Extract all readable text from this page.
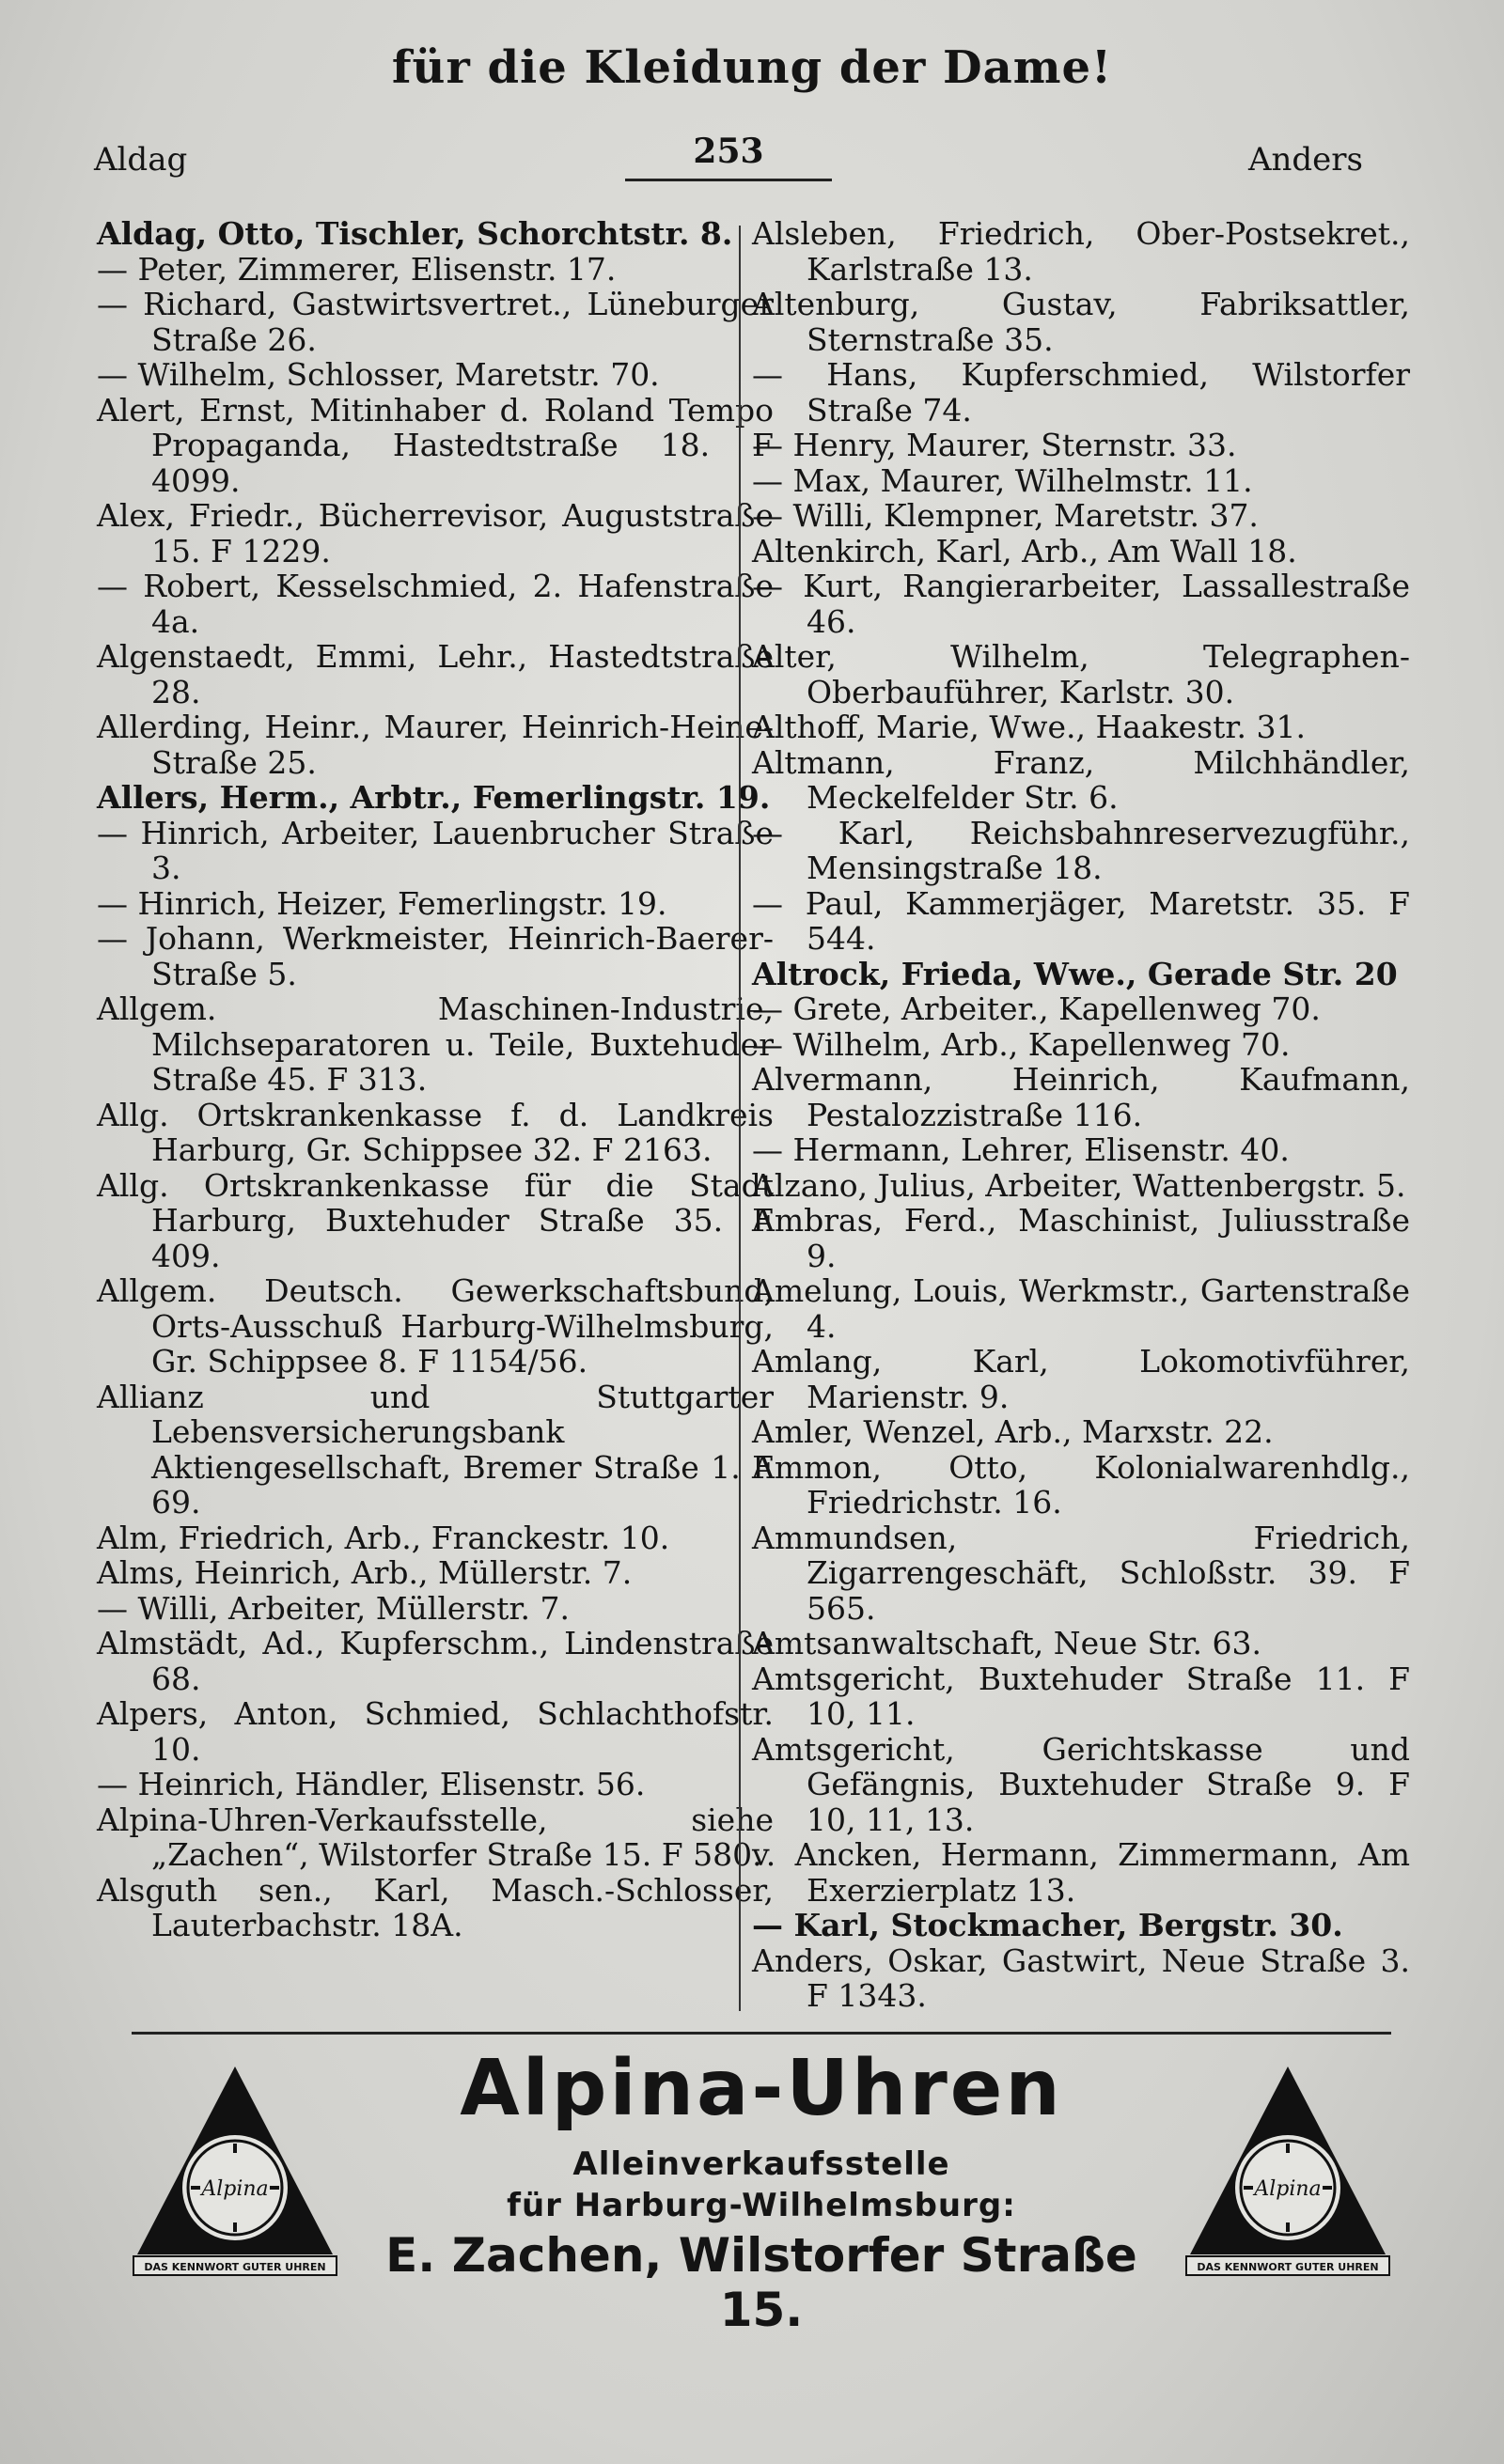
für die Kleidung der Dame!
Aldag	253	Anders

Aldag, Otto, Tischler, Schorchtstr. 8.

— Peter, Zimmerer, Elisenstr. 17.

— Richard, Gastwirtsvertret., Lüneburger Straße 26.

— Wilhelm, Schlosser, Maretstr. 70.

Alert, Ernst, Mitinhaber d. Roland Tempo Propaganda, Hastedtstraße 18. F 4099.

Alex, Friedr., Bücherrevisor, Auguststraße 15. F 1229.

— Robert, Kesselschmied, 2. Hafenstraße 4a.

Algenstaedt, Emmi, Lehr., Hastedtstraße 28.

Allerding, Heinr., Maurer, Heinrich-Heine-Straße 25.

Allers, Herm., Arbtr., Femerlingstr. 19.

— Hinrich, Arbeiter, Lauenbrucher Straße 3.

— Hinrich, Heizer, Femerlingstr. 19.

— Johann, Werkmeister, Heinrich-Baerer-Straße 5.

Allgem. Maschinen-Industrie, Milchseparatoren u. Teile, Buxtehuder Straße 45. F 313.

Allg. Ortskrankenkasse f. d. Landkreis Harburg, Gr. Schippsee 32. F 2163.

Allg. Ortskrankenkasse für die Stadt Harburg, Buxtehuder Straße 35. F 409.

Allgem. Deutsch. Gewerkschaftsbund, Orts-Ausschuß Harburg-Wilhelmsburg, Gr. Schippsee 8. F 1154/56.

Allianz und Stuttgarter Lebensversicherungsbank Aktiengesellschaft, Bremer Straße 1. F 69.

Alm, Friedrich, Arb., Franckestr. 10.

Alms, Heinrich, Arb., Müllerstr. 7.

— Willi, Arbeiter, Müllerstr. 7.

Almstädt, Ad., Kupferschm., Lindenstraße 68.

Alpers, Anton, Schmied, Schlachthofstr. 10.

— Heinrich, Händler, Elisenstr. 56.

Alpina-Uhren-Verkaufsstelle, siehe „Zachen“, Wilstorfer Straße 15. F 580.

Alsguth sen., Karl, Masch.-Schlosser, Lauterbachstr. 18A.

Alsleben, Friedrich, Ober-Postsekret., Karlstraße 13.

Altenburg, Gustav, Fabriksattler, Sternstraße 35.

— Hans, Kupferschmied, Wilstorfer Straße 74.

— Henry, Maurer, Sternstr. 33.

— Max, Maurer, Wilhelmstr. 11.

— Willi, Klempner, Maretstr. 37.

Altenkirch, Karl, Arb., Am Wall 18.

— Kurt, Rangierarbeiter, Lassallestraße 46.

Alter, Wilhelm, Telegraphen-Oberbauführer, Karlstr. 30.

Althoff, Marie, Wwe., Haakestr. 31.

Altmann, Franz, Milchhändler, Meckelfelder Str. 6.

— Karl, Reichsbahnreservezugführ., Mensingstraße 18.

— Paul, Kammerjäger, Maretstr. 35. F 544.

Altrock, Frieda, Wwe., Gerade Str. 20

— Grete, Arbeiter., Kapellenweg 70.

— Wilhelm, Arb., Kapellenweg 70.

Alvermann, Heinrich, Kaufmann, Pestalozzistraße 116.

— Hermann, Lehrer, Elisenstr. 40.

Alzano, Julius, Arbeiter, Wattenbergstr. 5.

Ambras, Ferd., Maschinist, Juliusstraße 9.

Amelung, Louis, Werkmstr., Gartenstraße 4.

Amlang, Karl, Lokomotivführer, Marienstr. 9.

Amler, Wenzel, Arb., Marxstr. 22.

Ammon, Otto, Kolonialwarenhdlg., Friedrichstr. 16.

Ammundsen, Friedrich, Zigarrengeschäft, Schloßstr. 39. F 565.

Amtsanwaltschaft, Neue Str. 63.

Amtsgericht, Buxtehuder Straße 11. F 10, 11.

Amtsgericht, Gerichtskasse und Gefängnis, Buxtehuder Straße 9. F 10, 11, 13.

v. Ancken, Hermann, Zimmermann, Am Exerzierplatz 13.

— Karl, Stockmacher, Bergstr. 30.

Anders, Oskar, Gastwirt, Neue Straße 3. F 1343.

Alpina
DAS KENNWORT GUTER UHREN
Alpina-Uhren
Alleinverkaufsstelle
für Harburg-Wilhelmsburg:
E. Zachen, Wilstorfer Straße 15.
Alpina
DAS KENNWORT GUTER UHREN
